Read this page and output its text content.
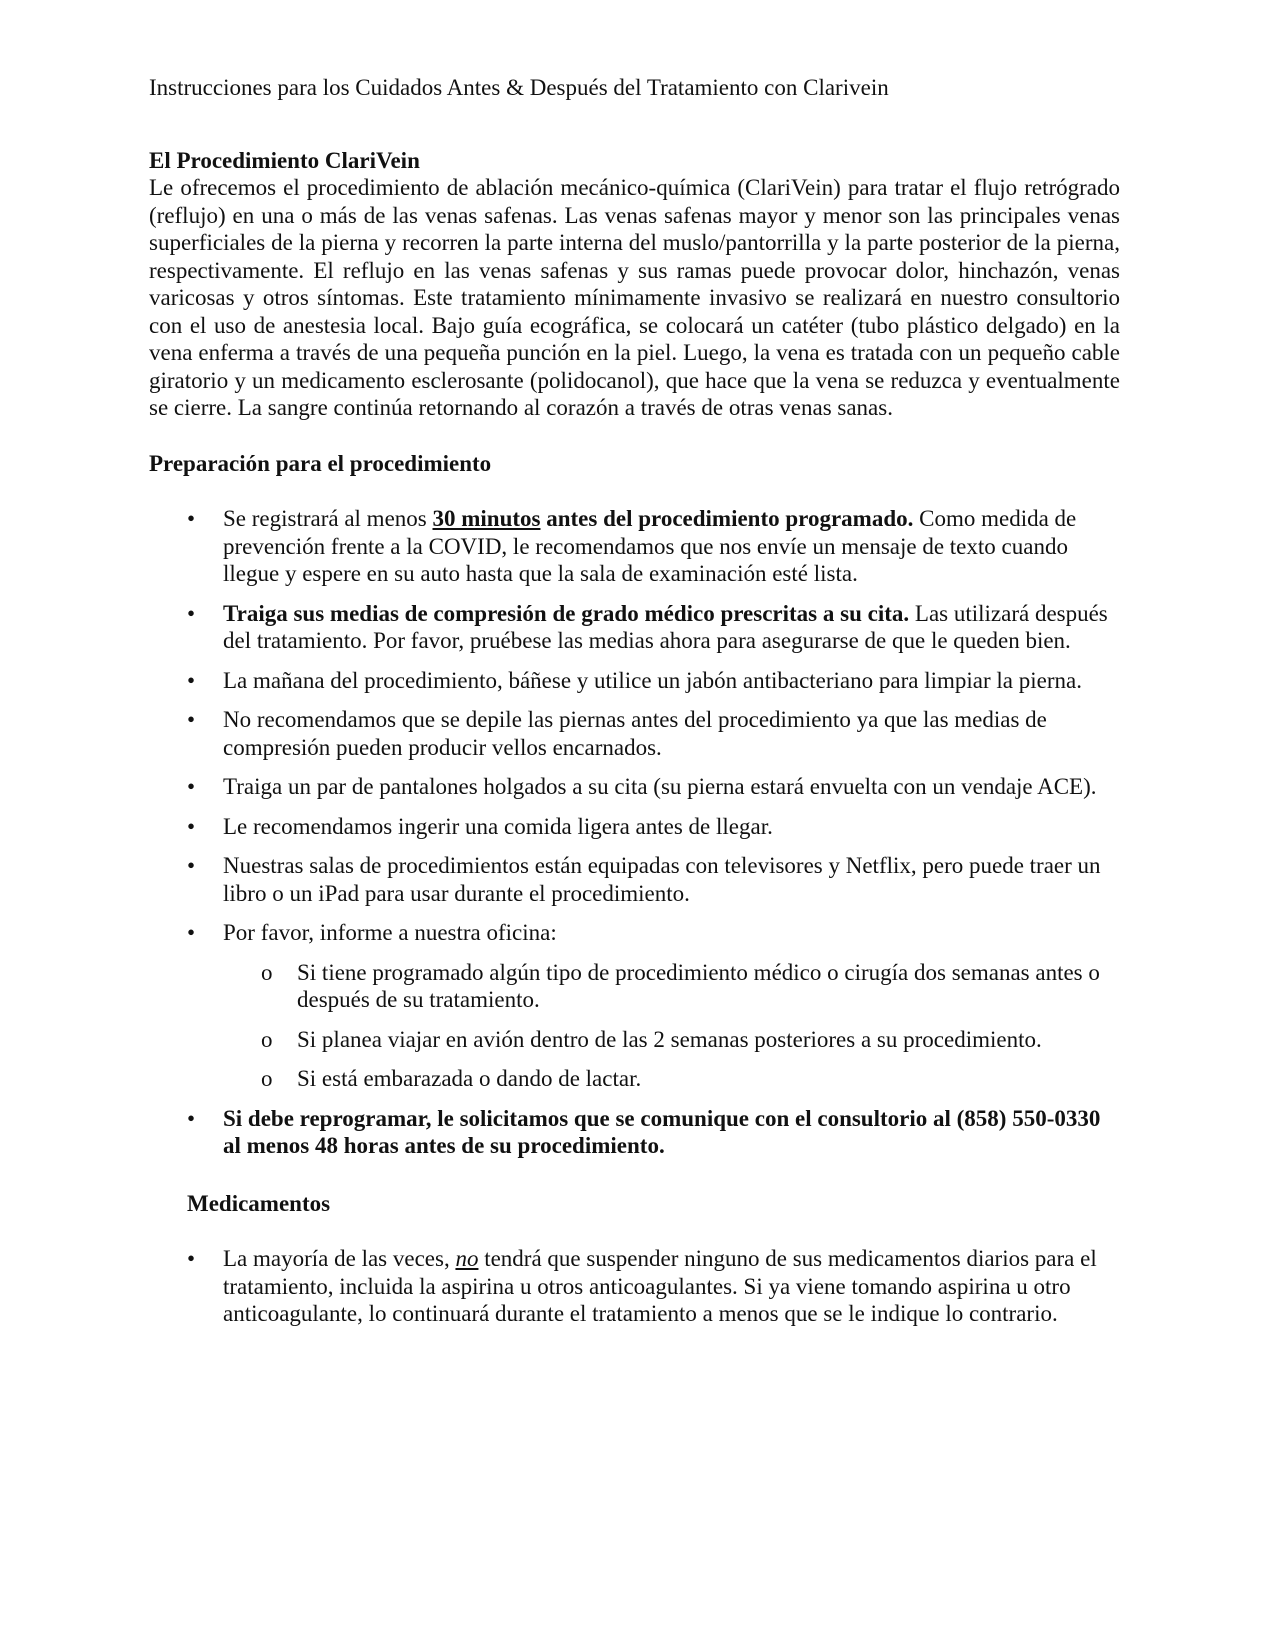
Instrucciones para los Cuidados Antes & Después del Tratamiento con Clarivein
El Procedimiento ClariVein

Le ofrecemos el procedimiento de ablación mecánico-química (ClariVein) para tratar el flujo retrógrado (reflujo) en una o más de las venas safenas. Las venas safenas mayor y menor son las principales venas superficiales de la pierna y recorren la parte interna del muslo/pantorrilla y la parte posterior de la pierna, respectivamente. El reflujo en las venas safenas y sus ramas puede provocar dolor, hinchazón, venas varicosas y otros síntomas. Este tratamiento mínimamente invasivo se realizará en nuestro consultorio con el uso de anestesia local. Bajo guía ecográfica, se colocará un catéter (tubo plástico delgado) en la vena enferma a través de una pequeña punción en la piel. Luego, la vena es tratada con un pequeño cable giratorio y un medicamento esclerosante (polidocanol), que hace que la vena se reduzca y eventualmente se cierre. La sangre continúa retornando al corazón a través de otras venas sanas.

Preparación para el procedimiento
• Se registrará al menos 30 minutos antes del procedimiento programado. Como medida de prevención frente a la COVID, le recomendamos que nos envíe un mensaje de texto cuando llegue y espere en su auto hasta que la sala de examinación esté lista.
• Traiga sus medias de compresión de grado médico prescritas a su cita. Las utilizará después del tratamiento. Por favor, pruébese las medias ahora para asegurarse de que le queden bien.
• La mañana del procedimiento, báñese y utilice un jabón antibacteriano para limpiar la pierna.
• No recomendamos que se depile las piernas antes del procedimiento ya que las medias de compresión pueden producir vellos encarnados.
• Traiga un par de pantalones holgados a su cita (su pierna estará envuelta con un vendaje ACE).
• Le recomendamos ingerir una comida ligera antes de llegar.
• Nuestras salas de procedimientos están equipadas con televisores y Netflix, pero puede traer un libro o un iPad para usar durante el procedimiento.
• Por favor, informe a nuestra oficina:
o Si tiene programado algún tipo de procedimiento médico o cirugía dos semanas antes o después de su tratamiento.
o Si planea viajar en avión dentro de las 2 semanas posteriores a su procedimiento.
o Si está embarazada o dando de lactar.
• Si debe reprogramar, le solicitamos que se comunique con el consultorio al (858) 550-0330 al menos 48 horas antes de su procedimiento.
Medicamentos
• La mayoría de las veces, no tendrá que suspender ninguno de sus medicamentos diarios para el tratamiento, incluida la aspirina u otros anticoagulantes. Si ya viene tomando aspirina u otro anticoagulante, lo continuará durante el tratamiento a menos que se le indique lo contrario.
